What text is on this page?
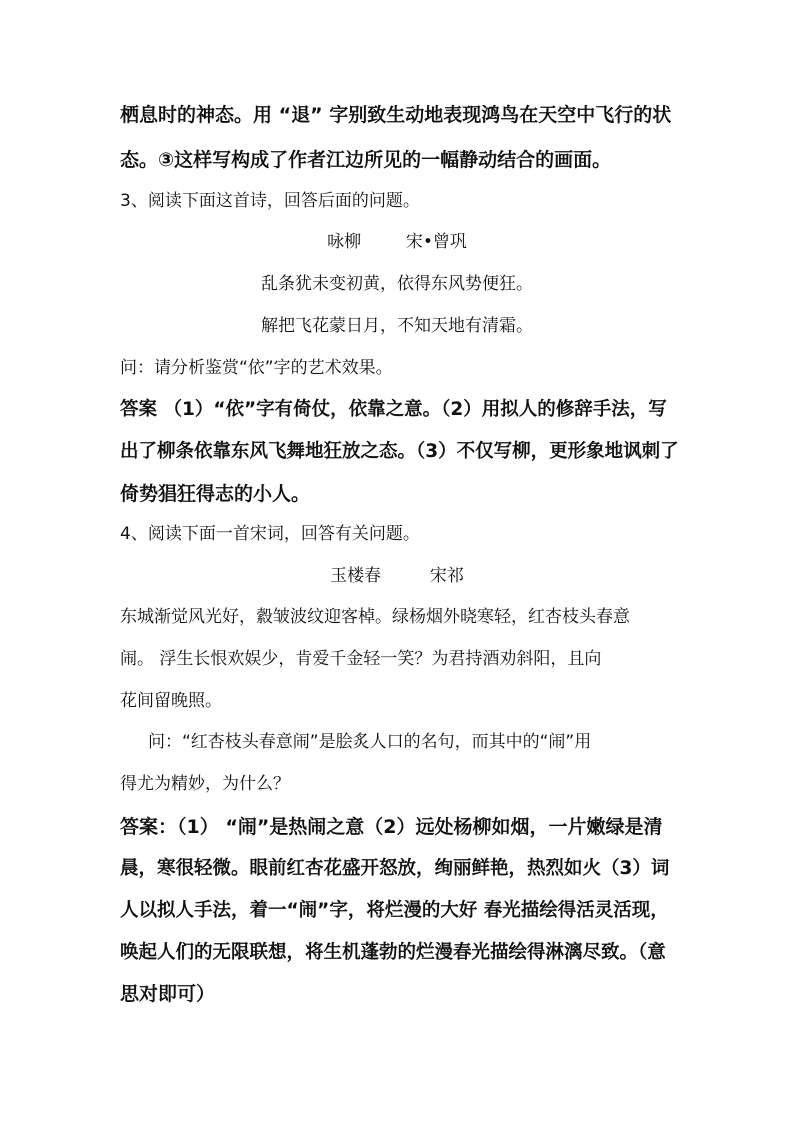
栖息时的神态。用 “退” 字别致生动地表现鸿鸟在天空中飞行的状
态。③这样写构成了作者江边所见的一幅静动结合的画面。
3、阅读下面这首诗，回答后面的问题。
咏柳	宋•曾巩
乱条犹未变初黄，依得东风势便狂。
解把飞花蒙日月，不知天地有清霜。
问：请分析鉴赏“依”字的艺术效果。
答案 （1）“依”字有倚仗，依靠之意。（2）用拟人的修辞手法，写
出了柳条依靠东风飞舞地狂放之态。（3）不仅写柳，更形象地讽刺了
倚势猖狂得志的小人。
4、阅读下面一首宋词，回答有关问题。
玉楼春	宋祁
东城渐觉风光好，縠皱波纹迎客棹。绿杨烟外晓寒轻，红杏枝头春意
闹。 浮生长恨欢娱少，肯爱千金轻一笑？为君持酒劝斜阳，且向
花间留晚照。
问：“红杏枝头春意闹”是脍炙人口的名句，而其中的“闹”用
得尤为精妙，为什么？
答案：（1） “闹”是热闹之意（2）远处杨柳如烟，一片嫩绿是清
晨，寒很轻微。眼前红杏花盛开怒放，绚丽鲜艳，热烈如火（3）词
人以拟人手法，着一“闹”字，将烂漫的大好 春光描绘得活灵活现，
唤起人们的无限联想，将生机蓬勃的烂漫春光描绘得淋漓尽致。（意
思对即可）
